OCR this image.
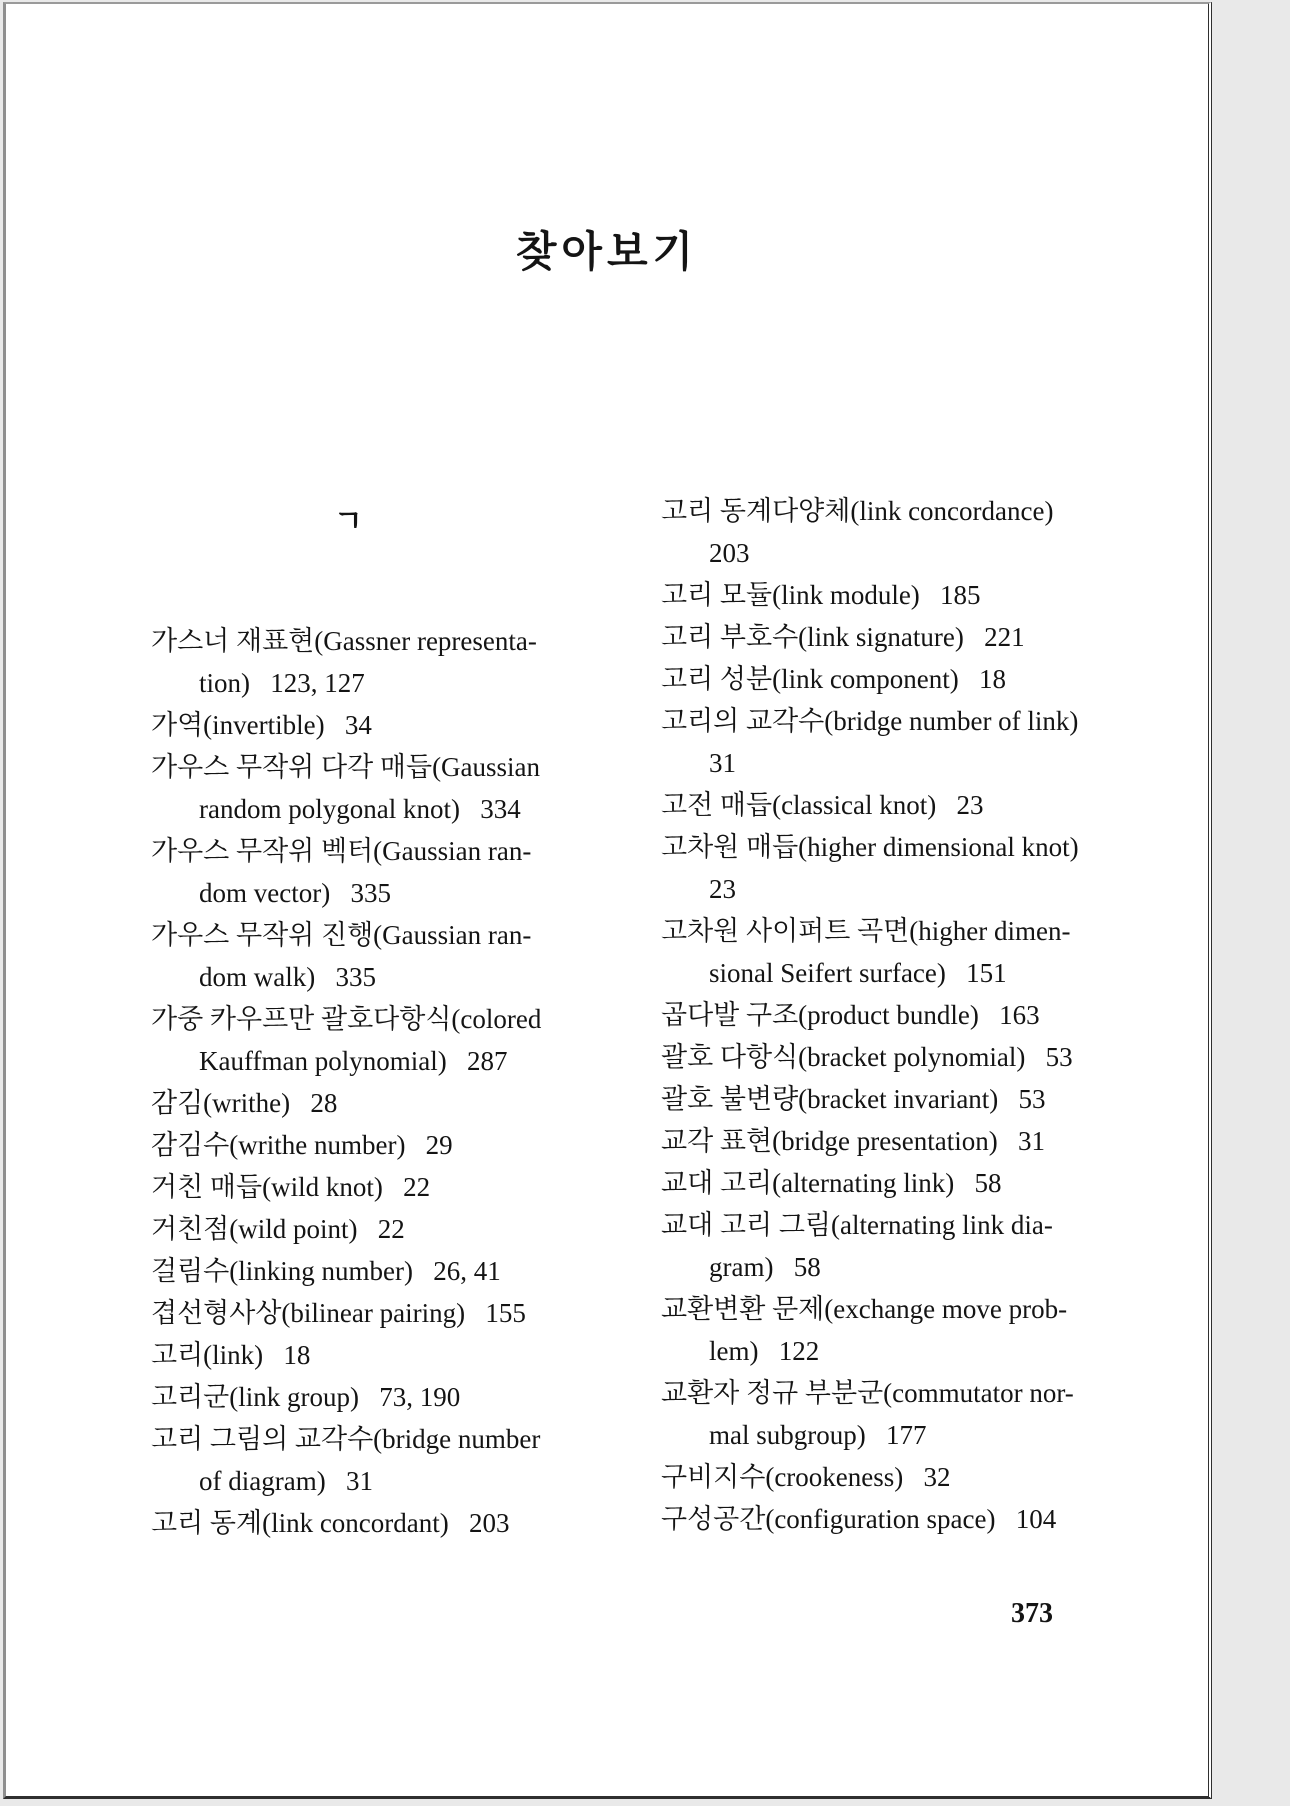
찾아보기
ㄱ
가스너 재표현(Gassner representa-
tion)   123, 127
가역(invertible)   34
가우스 무작위 다각 매듭(Gaussian
random polygonal knot)   334
가우스 무작위 벡터(Gaussian ran-
dom vector)   335
가우스 무작위 진행(Gaussian ran-
dom walk)   335
가중 카우프만 괄호다항식(colored
Kauffman polynomial)   287
감김(writhe)   28
감김수(writhe number)   29
거친 매듭(wild knot)   22
거친점(wild point)   22
걸림수(linking number)   26, 41
겹선형사상(bilinear pairing)   155
고리(link)   18
고리군(link group)   73, 190
고리 그림의 교각수(bridge number
of diagram)   31
고리 동계(link concordant)   203
고리 동계다양체(link concordance)
203
고리 모듈(link module)   185
고리 부호수(link signature)   221
고리 성분(link component)   18
고리의 교각수(bridge number of link)
31
고전 매듭(classical knot)   23
고차원 매듭(higher dimensional knot)
23
고차원 사이퍼트 곡면(higher dimen-
sional Seifert surface)   151
곱다발 구조(product bundle)   163
괄호 다항식(bracket polynomial)   53
괄호 불변량(bracket invariant)   53
교각 표현(bridge presentation)   31
교대 고리(alternating link)   58
교대 고리 그림(alternating link dia-
gram)   58
교환변환 문제(exchange move prob-
lem)   122
교환자 정규 부분군(commutator nor-
mal subgroup)   177
구비지수(crookeness)   32
구성공간(configuration space)   104
373
